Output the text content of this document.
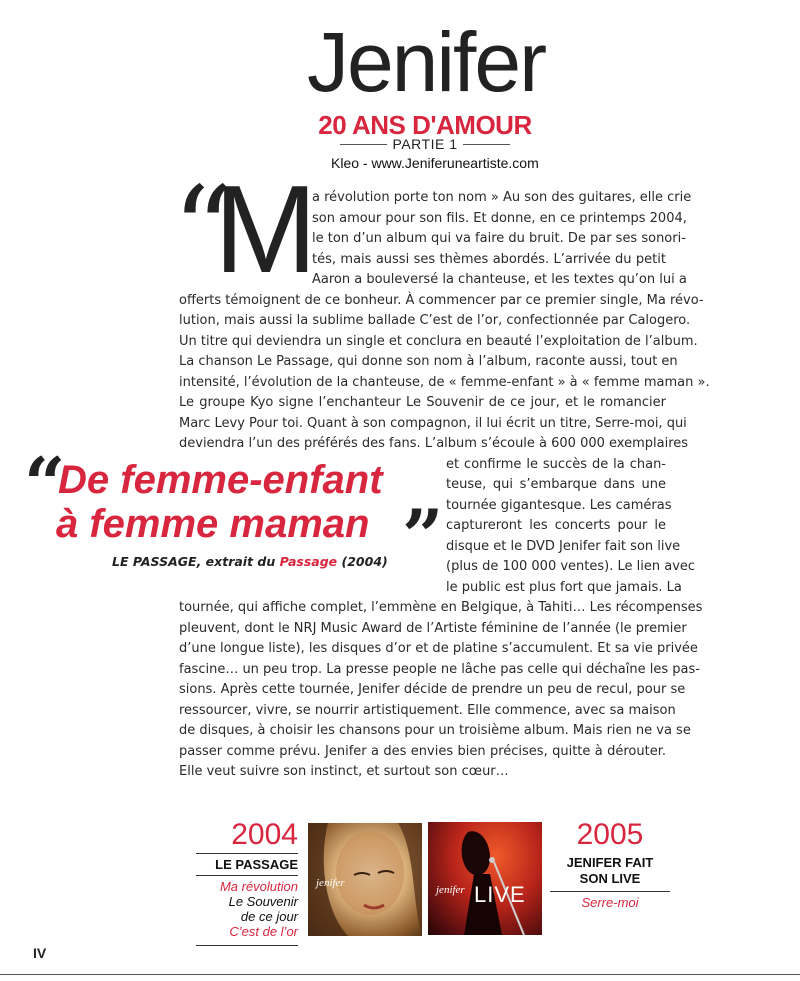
Jenifer
20 ANS D'AMOUR
PARTIE 1
Kleo - www.Jeniferuneartiste.com
“
M
a révolution porte ton nom » Au son des guitares, elle crie
son amour pour son fils. Et donne, en ce printemps 2004,
le ton d’un album qui va faire du bruit. De par ses sonori-
tés, mais aussi ses thèmes abordés. L’arrivée du petit
Aaron a bouleversé la chanteuse, et les textes qu’on lui a
offerts témoignent de ce bonheur. À commencer par ce premier single, Ma révo-
lution, mais aussi la sublime ballade C’est de l’or, confectionnée par Calogero.
Un titre qui deviendra un single et conclura en beauté l’exploitation de l’album.
La chanson Le Passage, qui donne son nom à l’album, raconte aussi, tout en
intensité, l’évolution de la chanteuse, de « femme-enfant » à « femme maman ».
Le groupe Kyo signe l’enchanteur Le Souvenir de ce jour, et le romancier
Marc Levy Pour toi. Quant à son compagnon, il lui écrit un titre, Serre-moi, qui
deviendra l’un des préférés des fans. L’album s’écoule à 600 000 exemplaires
et confirme le succès de la chan-
teuse, qui s’embarque dans une
tournée gigantesque. Les caméras
captureront les concerts pour le
disque et le DVD Jenifer fait son live
(plus de 100 000 ventes). Le lien avec
le public est plus fort que jamais. La
tournée, qui affiche complet, l’emmène en Belgique, à Tahiti… Les récompenses
pleuvent, dont le NRJ Music Award de l’Artiste féminine de l’année (le premier
d’une longue liste), les disques d’or et de platine s’accumulent. Et sa vie privée
fascine… un peu trop. La presse people ne lâche pas celle qui déchaîne les pas-
sions. Après cette tournée, Jenifer décide de prendre un peu de recul, pour se
ressourcer, vivre, se nourrir artistiquement. Elle commence, avec sa maison
de disques, à choisir les chansons pour un troisième album. Mais rien ne va se
passer comme prévu. Jenifer a des envies bien précises, quitte à dérouter.
Elle veut suivre son instinct, et surtout son cœur…
“
De femme-enfant
à femme maman ”
LE PASSAGE, extrait du Passage (2004)
2004
LE PASSAGE
Ma révolution
Le Souvenir
de ce jour
C’est de l’or
jenifer
jenifer LIVE
2005
JENIFER FAIT
SON LIVE
Serre-moi
IV
